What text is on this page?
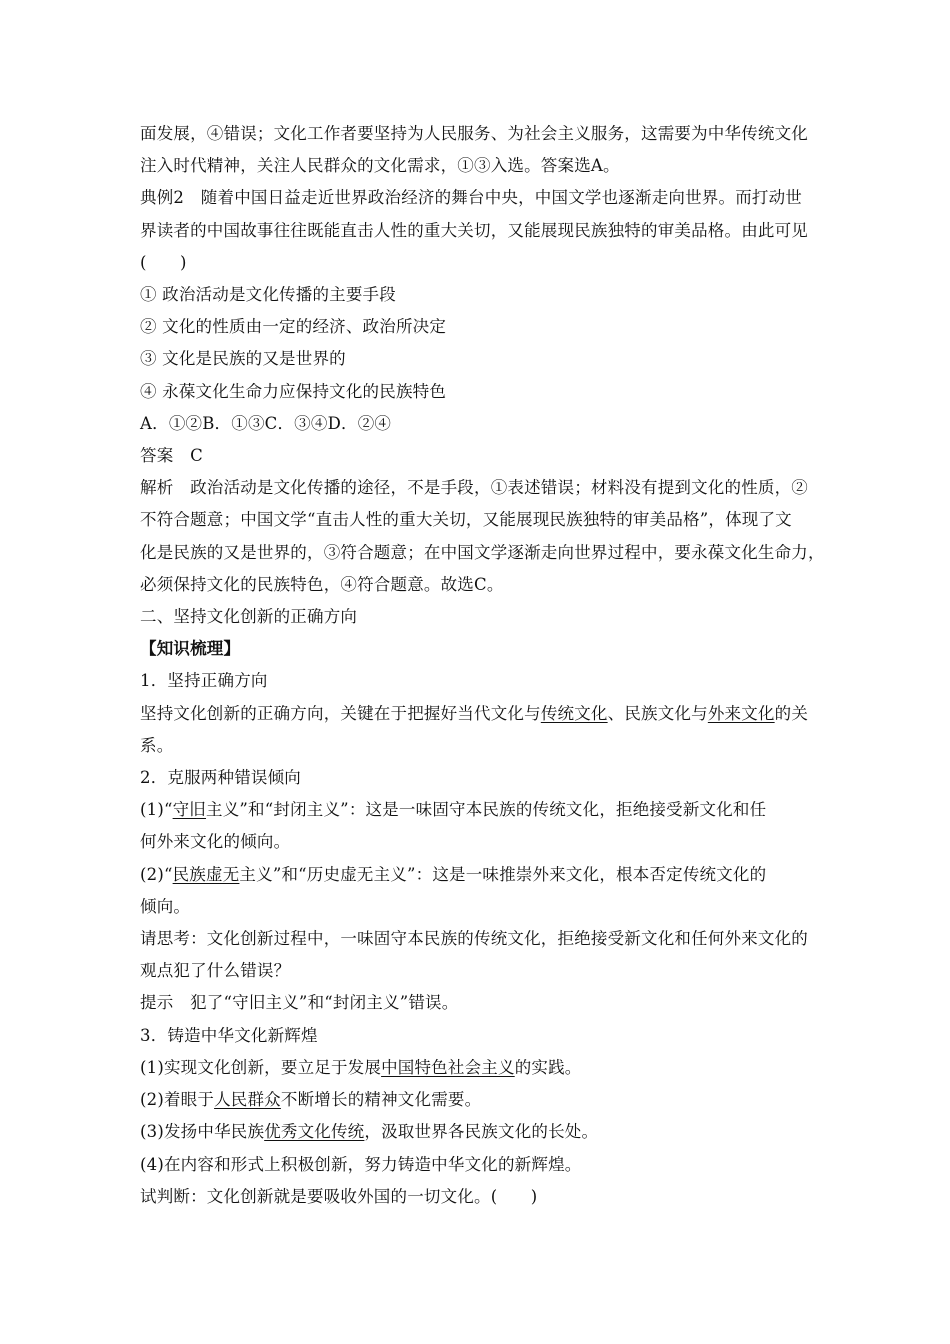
面发展，④错误；文化工作者要坚持为人民服务、为社会主义服务，这需要为中华传统文化
注入时代精神，关注人民群众的文化需求，①③入选。答案选A。
典例2　随着中国日益走近世界政治经济的舞台中央，中国文学也逐渐走向世界。而打动世
界读者的中国故事往往既能直击人性的重大关切，又能展现民族独特的审美品格。由此可见
(　　)
① 政治活动是文化传播的主要手段
② 文化的性质由一定的经济、政治所决定
③ 文化是民族的又是世界的
④ 永葆文化生命力应保持文化的民族特色
A．①②B．①③C．③④D．②④
答案　C
解析　政治活动是文化传播的途径，不是手段，①表述错误；材料没有提到文化的性质，②
不符合题意；中国文学“直击人性的重大关切，又能展现民族独特的审美品格”，体现了文
化是民族的又是世界的，③符合题意；在中国文学逐渐走向世界过程中，要永葆文化生命力，
必须保持文化的民族特色，④符合题意。故选C。
二、坚持文化创新的正确方向
【知识梳理】
1．坚持正确方向
坚持文化创新的正确方向，关键在于把握好当代文化与传统文化、民族文化与外来文化的关
系。
2．克服两种错误倾向
(1)“守旧主义”和“封闭主义”：这是一味固守本民族的传统文化，拒绝接受新文化和任
何外来文化的倾向。
(2)“民族虚无主义”和“历史虚无主义”：这是一味推崇外来文化，根本否定传统文化的
倾向。
请思考：文化创新过程中，一味固守本民族的传统文化，拒绝接受新文化和任何外来文化的
观点犯了什么错误？
提示　犯了“守旧主义”和“封闭主义”错误。
3．铸造中华文化新辉煌
(1)实现文化创新，要立足于发展中国特色社会主义的实践。
(2)着眼于人民群众不断增长的精神文化需要。
(3)发扬中华民族优秀文化传统，汲取世界各民族文化的长处。
(4)在内容和形式上积极创新，努力铸造中华文化的新辉煌。
试判断：文化创新就是要吸收外国的一切文化。(　　)
